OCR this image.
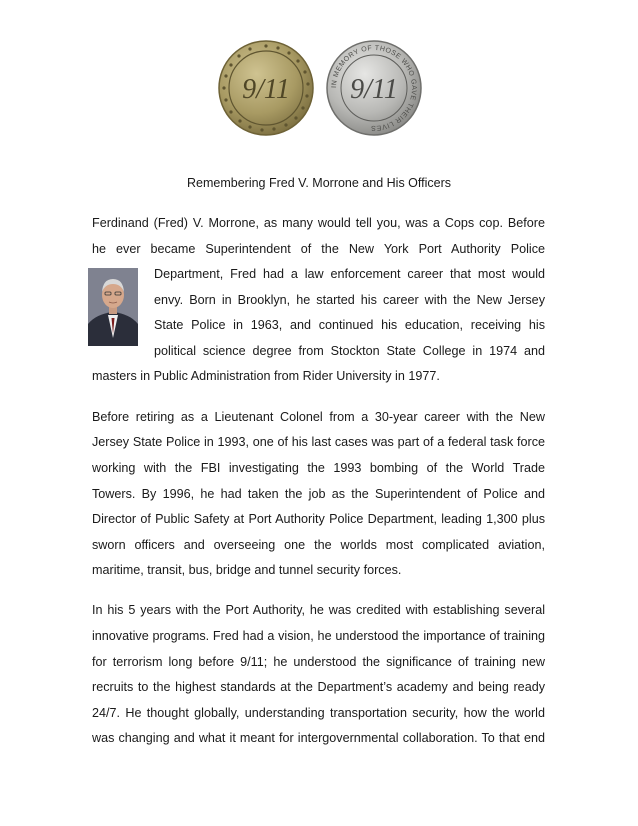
9/11	IN MEMORY OF THOSE WHO GAVE THEIR LIVES
9/11
Remembering Fred V. Morrone and His Officers
Ferdinand (Fred) V. Morrone, as many would tell you, was a Cops cop. Before
he ever became Superintendent of the New York Port Authority Police
Department, Fred had a law enforcement career that most would
envy. Born in Brooklyn, he started his career with the New Jersey
State Police in 1963, and continued his education, receiving his
political science degree from Stockton State College in 1974 and
masters in Public Administration from Rider University in 1977.
Before retiring as a Lieutenant Colonel from a 30-year career with the New
Jersey State Police in 1993, one of his last cases was part of a federal task force
working with the FBI investigating the 1993 bombing of the World Trade
Towers. By 1996, he had taken the job as the Superintendent of Police and
Director of Public Safety at Port Authority Police Department, leading 1,300 plus
sworn officers and overseeing one the worlds most complicated aviation,
maritime, transit, bus, bridge and tunnel security forces.
In his 5 years with the Port Authority, he was credited with establishing several
innovative programs. Fred had a vision, he understood the importance of training
for terrorism long before 9/11; he understood the significance of training new
recruits to the highest standards at the Department’s academy and being ready
24/7. He thought globally, understanding transportation security, how the world
was changing and what it meant for intergovernmental collaboration. To that end
